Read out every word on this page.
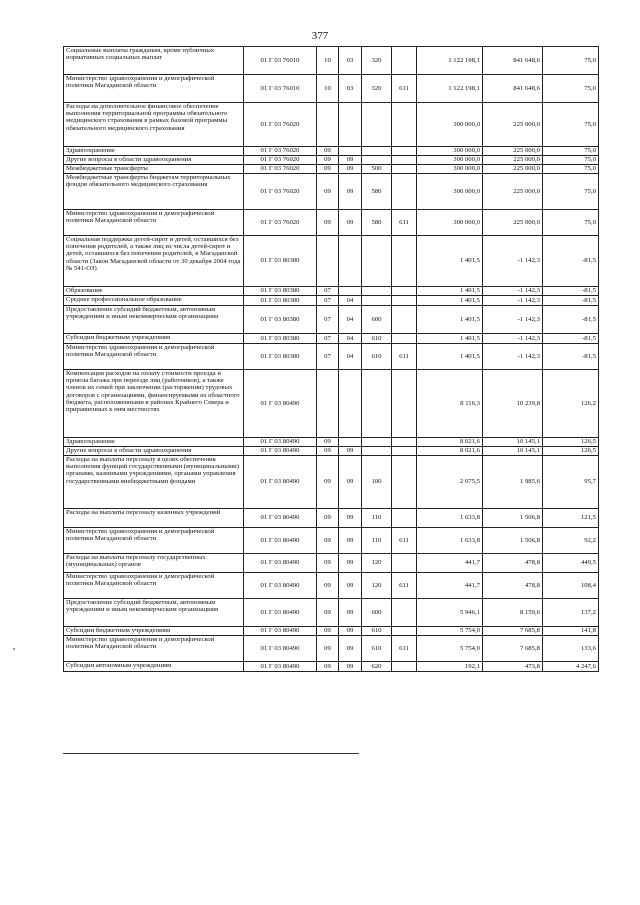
377
Социальные выплаты гражданам, кроме публичных нормативных социальных выплат	01 Г 03 76010	10	03	320		1 122 198,1	841 648,6	75,0
Министерство здравоохранения и демографической политики Магаданской области	01 Г 03 76010	10	03	320	611	1 122 198,1	841 648,6	75,0
Расходы на дополнительное финансовое обеспечение выполнения территориальной программы обязательного медицинского страхования в рамках базовой программы обязательного медицинского страхования	01 Г 03 76020					300 000,0	225 000,0	75,0
Здравоохранение	01 Г 03 76020	09				300 000,0	225 000,0	75,0
Другие вопросы в области здравоохранения	01 Г 03 76020	09	09			300 000,0	225 000,0	75,0
Межбюджетные трансферты	01 Г 03 76020	09	09	500		300 000,0	225 000,0	75,0
Межбюджетные трансферты бюджетам территориальных фондов обязательного медицинского страхования	01 Г 03 76020	09	09	580		300 000,0	225 000,0	75,0
Министерство здравоохранения и демографической политики Магаданской области	01 Г 03 76020	09	09	580	611	300 000,0	225 000,0	75,0
Социальная поддержка детей-сирот и детей, оставшихся без попечения родителей, а также лиц из числа детей-сирот и детей, оставшихся без попечения родителей, в Магаданской области (Закон Магаданской области от 30 декабря 2004 года № 541-ОЗ)	01 Г 03 80380					1 401,5	-1 142,3	-81,5
Образование	01 Г 03 80380	07				1 401,5	-1 142,3	-81,5
Среднее профессиональное образование	01 Г 03 80380	07	04			1 401,5	-1 142,3	-81,5
Предоставление субсидий бюджетным, автономным учреждениям и иным некоммерческим организациям	01 Г 03 80380	07	04	600		1 401,5	-1 142,3	-81,5
Субсидии бюджетным учреждениям	01 Г 03 80380	07	04	610		1 401,5	-1 142,3	-81,5
Министерство здравоохранения и демографической политики Магаданской области	01 Г 03 80380	07	04	610	611	1 401,5	-1 142,3	-81,5
Компенсация расходов на оплату стоимости проезда и провоза багажа при переезде лиц (работников), а также членов их семей при заключении (расторжении) трудовых договоров с организациями, финансируемыми из областного бюджета, расположенными в районах Крайнего Севера и приравненных к ним местностях	01 Г 03 80490					8 116,3	10 239,8	126,2
Здравоохранение	01 Г 03 80490	09				8 021,6	10 145,1	126,5
Другие вопросы в области здравоохранения	01 Г 03 80490	09	09			8 021,6	10 145,1	126,5
Расходы на выплаты персоналу в целях обеспечения выполнения функций государственными (муниципальными) органами, казенными учреждениями, органами управления государственными внебюджетными фондами	01 Г 03 80490	09	09	100		2 075,5	1 985,6	95,7
Расходы на выплаты персоналу казенных учреждений	01 Г 03 80490	09	09	110		1 633,8	1 506,8	121,5
Министерство здравоохранения и демографической политики Магаданской области	01 Г 03 80490	09	09	110	611	1 633,8	1 506,8	92,2
Расходы на выплаты персоналу государственных (муниципальных) органов	01 Г 03 80490	09	09	120		441,7	478,8	449,5
Министерство здравоохранения и демографической политики Магаданской области	01 Г 03 80490	09	09	120	611	441,7	478,8	108,4
Предоставление субсидий бюджетным, автономным учреждениям и иным некоммерческим организациям	01 Г 03 80490	09	09	600		5 946,1	8 159,6	137,2
Субсидии бюджетным учреждениям	01 Г 03 80490	09	09	610		5 754,0	7 685,8	141,8
Министерство здравоохранения и демографической политики Магаданской области	01 Г 03 80490	09	09	610	611	5 754,0	7 685,8	133,6
Субсидии автономным учреждениям	01 Г 03 80490	09	09	620		192,1	473,8	4 247,6
